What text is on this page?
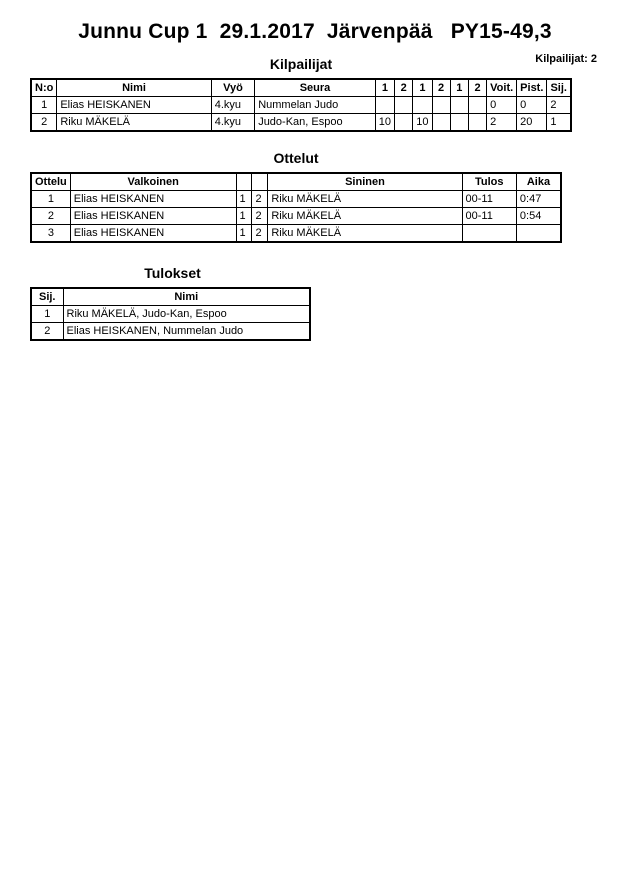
Junnu Cup 1  29.1.2017  Järvenpää   PY15-49,3
Kilpailijat: 2
Kilpailijat
N:o	Nimi	Vyö	Seura	1	2	1	2	1	2	Voit.	Pist.	Sij.
1	Elias HEISKANEN	4.kyu	Nummelan Judo							0	0	2
2	Riku MÄKELÄ	4.kyu	Judo-Kan, Espoo	10		10				2	20	1
Ottelut
Ottelu	Valkoinen			Sininen	Tulos	Aika
1	Elias HEISKANEN	1	2	Riku MÄKELÄ	00-11	0:47
2	Elias HEISKANEN	1	2	Riku MÄKELÄ	00-11	0:54
3	Elias HEISKANEN	1	2	Riku MÄKELÄ		
Tulokset
Sij.	Nimi
1	Riku MÄKELÄ, Judo-Kan, Espoo
2	Elias HEISKANEN, Nummelan Judo
